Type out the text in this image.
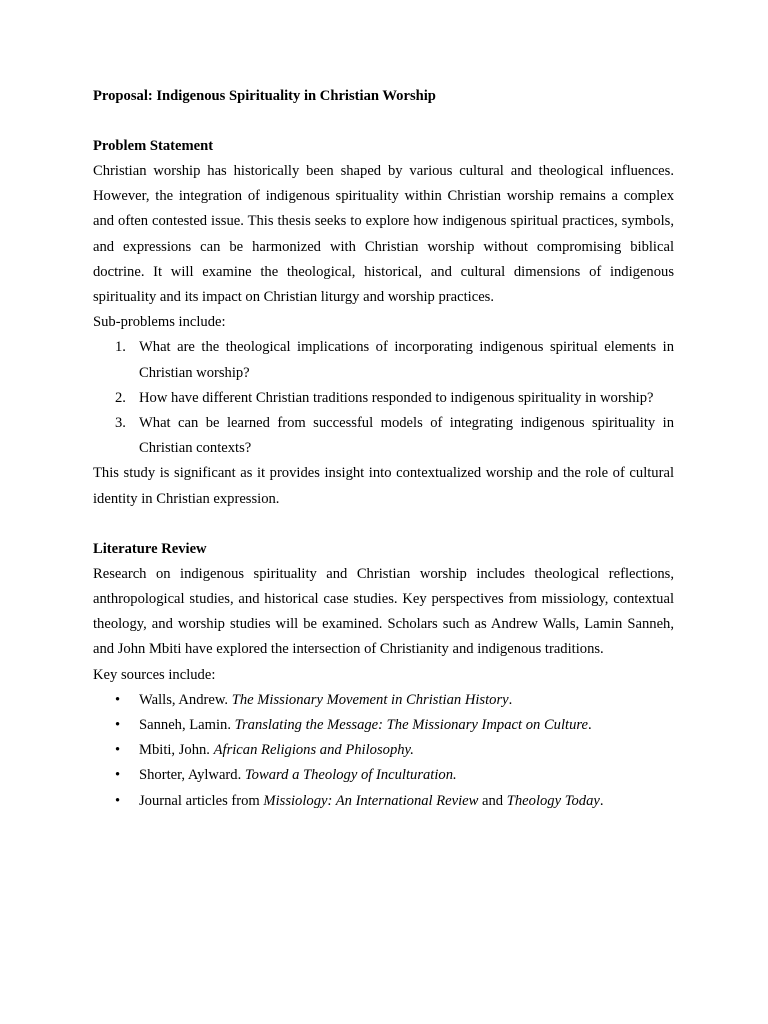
Proposal: Indigenous Spirituality in Christian Worship

Problem Statement

Christian worship has historically been shaped by various cultural and theological influences. However, the integration of indigenous spirituality within Christian worship remains a complex and often contested issue. This thesis seeks to explore how indigenous spiritual practices, symbols, and expressions can be harmonized with Christian worship without compromising biblical doctrine. It will examine the theological, historical, and cultural dimensions of indigenous spirituality and its impact on Christian liturgy and worship practices.

Sub-problems include:

1. What are the theological implications of incorporating indigenous spiritual elements in Christian worship?
2. How have different Christian traditions responded to indigenous spirituality in worship?
3. What can be learned from successful models of integrating indigenous spirituality in Christian contexts?

This study is significant as it provides insight into contextualized worship and the role of cultural identity in Christian expression.

Literature Review

Research on indigenous spirituality and Christian worship includes theological reflections, anthropological studies, and historical case studies. Key perspectives from missiology, contextual theology, and worship studies will be examined. Scholars such as Andrew Walls, Lamin Sanneh, and John Mbiti have explored the intersection of Christianity and indigenous traditions.

Key sources include:

• Walls, Andrew. The Missionary Movement in Christian History.
• Sanneh, Lamin. Translating the Message: The Missionary Impact on Culture.
• Mbiti, John. African Religions and Philosophy.
• Shorter, Aylward. Toward a Theology of Inculturation.
• Journal articles from Missiology: An International Review and Theology Today.
